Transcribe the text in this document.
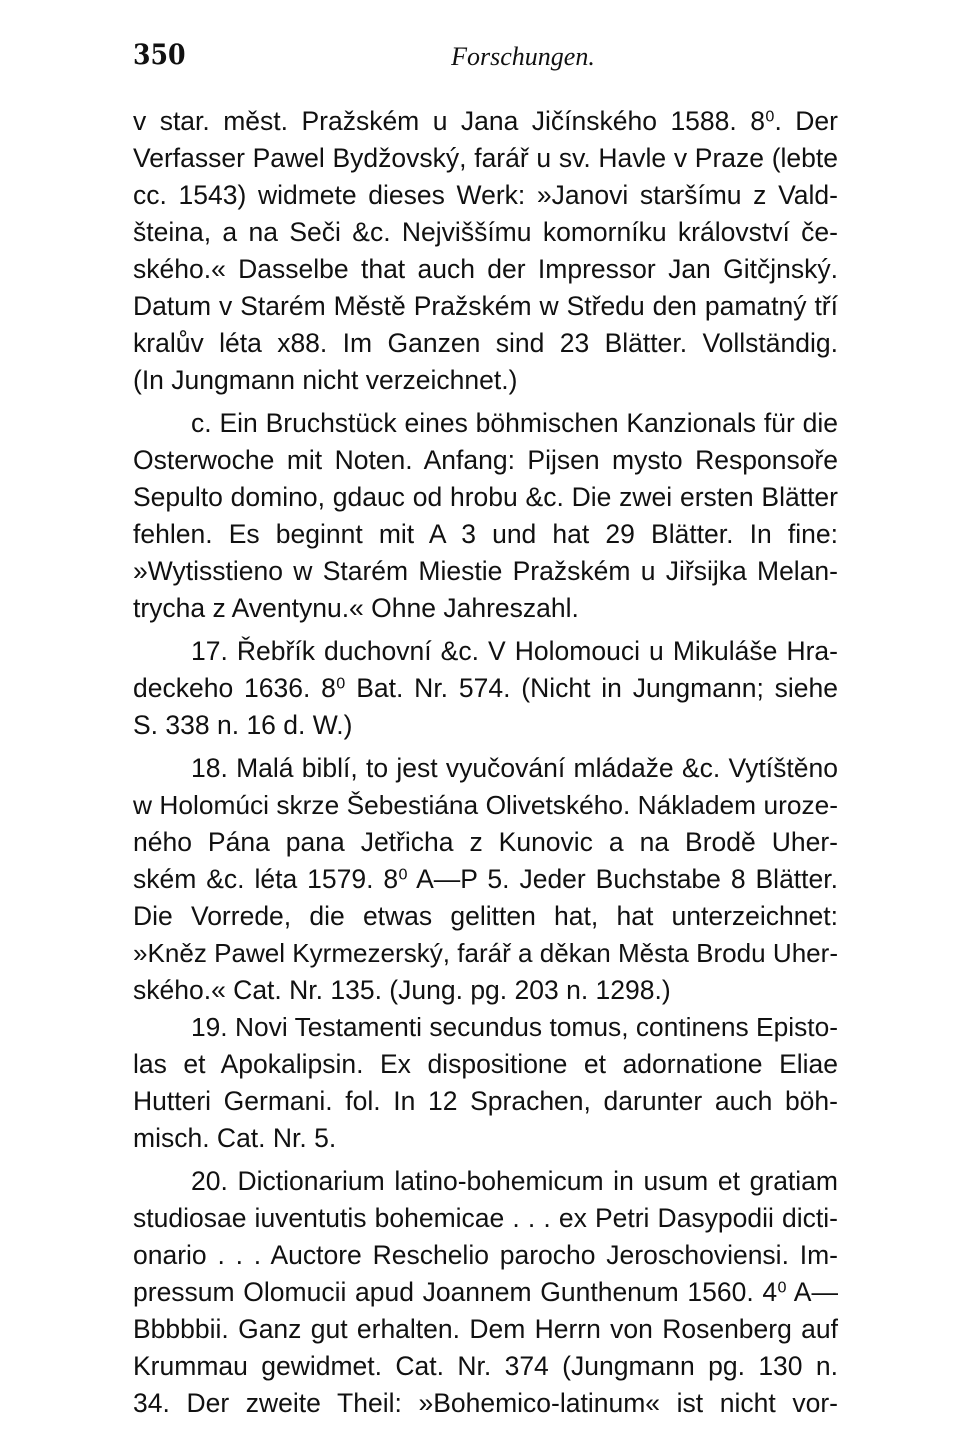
350	Forschungen.
v star. měst. Pražském u Jana Jičínského 1588. 8⁰. Der
Verfasser Pawel Bydžovský, farář u sv. Havle v Praze (lebte
cc. 1543) widmete dieses Werk: »Janovi staršímu z Vald-
šteina, a na Seči &c. Nejviššímu komorníku království če-
ského.« Dasselbe that auch der Impressor Jan Gitčjnský.
Datum v Starém Městě Pražském w Středu den pamatný tří
kralův léta x88. Im Ganzen sind 23 Blätter. Vollständig.
(In Jungmann nicht verzeichnet.)
c. Ein Bruchstück eines böhmischen Kanzionals für die
Osterwoche mit Noten. Anfang: Pijsen mysto Responsoře
Sepulto domino, gdauc od hrobu &c. Die zwei ersten Blätter
fehlen. Es beginnt mit A 3 und hat 29 Blätter. In fine:
»Wytisstieno w Starém Miestie Pražském u Jiřsijka Melan-
trycha z Aventynu.« Ohne Jahreszahl.
17. Řebřík duchovní &c. V Holomouci u Mikuláše Hra-
deckeho 1636. 8⁰ Bat. Nr. 574. (Nicht in Jungmann; siehe
S. 338 n. 16 d. W.)
18. Malá biblí, to jest vyučování mládaže &c. Vytíštěno
w Holomúci skrze Šebestiána Olivetského. Nákladem uroze-
ného Pána pana Jetřicha z Kunovic a na Brodě Uher-
ském &c. léta 1579. 8⁰ A—P 5. Jeder Buchstabe 8 Blätter.
Die Vorrede, die etwas gelitten hat, hat unterzeichnet:
»Kněz Pawel Kyrmezerský, farář a děkan Města Brodu Uher-
ského.« Cat. Nr. 135. (Jung. pg. 203 n. 1298.)
19. Novi Testamenti secundus tomus, continens Episto-
las et Apokalipsin. Ex dispositione et adornatione Eliae
Hutteri Germani. fol. In 12 Sprachen, darunter auch böh-
misch. Cat. Nr. 5.
20. Dictionarium latino-bohemicum in usum et gratiam
studiosae iuventutis bohemicae . . . ex Petri Dasypodii dicti-
onario . . . Auctore Reschelio parocho Jeroschoviensi. Im-
pressum Olomucii apud Joannem Gunthenum 1560. 4⁰ A—
Bbbbbii. Ganz gut erhalten. Dem Herrn von Rosenberg auf
Krummau gewidmet. Cat. Nr. 374 (Jungmann pg. 130 n.
34. Der zweite Theil: »Bohemico-latinum« ist nicht vor-
